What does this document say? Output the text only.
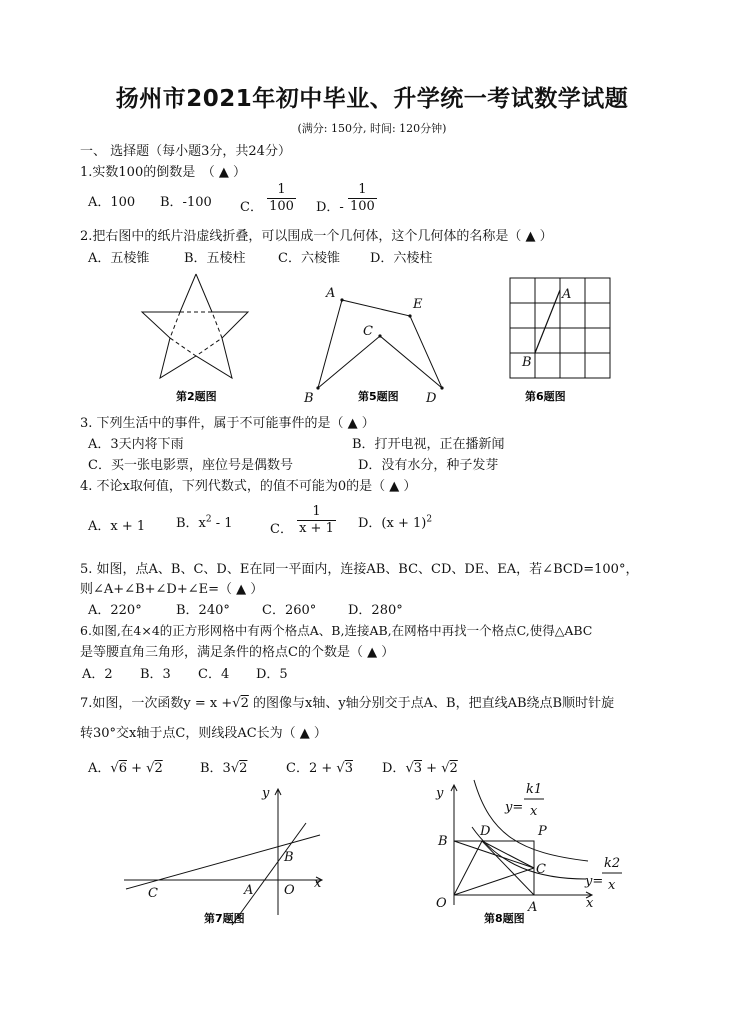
扬州市2021年初中毕业、升学统一考试数学试题
(满分: 150分, 时间: 120分钟)
一、 选择题（每小题3分，共24分）
1.实数100的倒数是　（ ▲ ）
A．100 B．-100 C． $\frac{1}{100}$ D．- $\frac{1}{100}$
2.把右图中的纸片沿虚线折叠，可以围成一个几何体，这个几何体的名称是（ ▲ ）
A．五棱锥	B．五棱柱 C．六棱锥 D．六棱柱
第2题图
A
E
C
B	D
第5题图
A
B
第6题图
3. 下列生活中的事件，属于不可能事件的是（ ▲ ）
A．3天内将下雨	B．打开电视，正在播新闻
C．买一张电影票，座位号是偶数号	D．没有水分，种子发芽
4. 不论x取何值，下列代数式，的值不可能为0的是（ ▲ ）
A．x + 1 B．$x^2 - 1$	C． $\frac{1}{x + 1}$ D．$(x + 1)^2$
5. 如图，点A、B、C、D、E在同一平面内，连接AB、BC、CD、DE、EA，若∠BCD=100°，
则∠A+∠B+∠D+∠E=（ ▲ ）
A．220°	B．240° C．260° D．280°
6.如图,在4×4的正方形网格中有两个格点A、B,连接AB,在网格中再找一个格点C,使得△ABC
是等腰直角三角形，满足条件的格点C的个数是（ ▲ ）
A．2 B．3 C．4 D．5
7.如图，一次函数y = x +√2 的图像与x轴、y轴分别交于点A、B，把直线AB绕点B顺时针旋
转30°交x轴于点C，则线段AC长为（ ▲ ）
A．√6 + √2	B．3√2	C．2 + √3 D．√3 + √2
y
B
C	A O x
第7题图
y
B
D	P
C
O	A	x
y=
k1
x
y=
k2
x
第8题图
